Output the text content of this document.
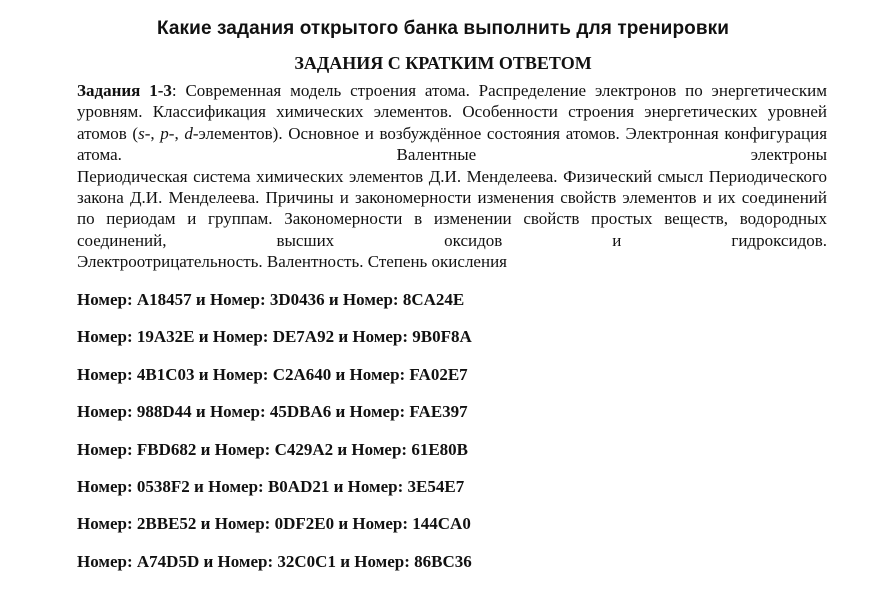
Какие задания открытого банка выполнить для тренировки
ЗАДАНИЯ С КРАТКИМ ОТВЕТОМ

Задания 1-3: Современная модель строения атома. Распределение электронов по энергетическим уровням. Классификация химических элементов. Особенности строения энергетических уровней атомов (s-, p-, d-элементов). Основное и возбуждённое состояния атомов. Электронная конфигурация атома. Валентные электроны

Периодическая система химических элементов Д.И. Менделеева. Физический смысл Периодического закона Д.И. Менделеева. Причины и закономерности изменения свойств элементов и их соединений по периодам и группам. Закономерности в изменении свойств простых веществ, водородных соединений, высших оксидов и гидроксидов.

Электроотрицательность. Валентность. Степень окисления

Номер: A18457 и Номер: 3D0436 и Номер: 8CA24E
Номер: 19A32E и Номер: DE7A92 и Номер: 9B0F8A
Номер: 4B1C03 и Номер: C2A640 и Номер: FA02E7
Номер: 988D44 и Номер: 45DBA6 и Номер: FAE397
Номер: FBD682 и Номер: C429A2 и Номер: 61E80B
Номер: 0538F2 и Номер: B0AD21 и Номер: 3E54E7
Номер: 2BBE52 и Номер: 0DF2E0 и Номер: 144CA0
Номер: A74D5D и Номер: 32C0C1 и Номер: 86BC36
